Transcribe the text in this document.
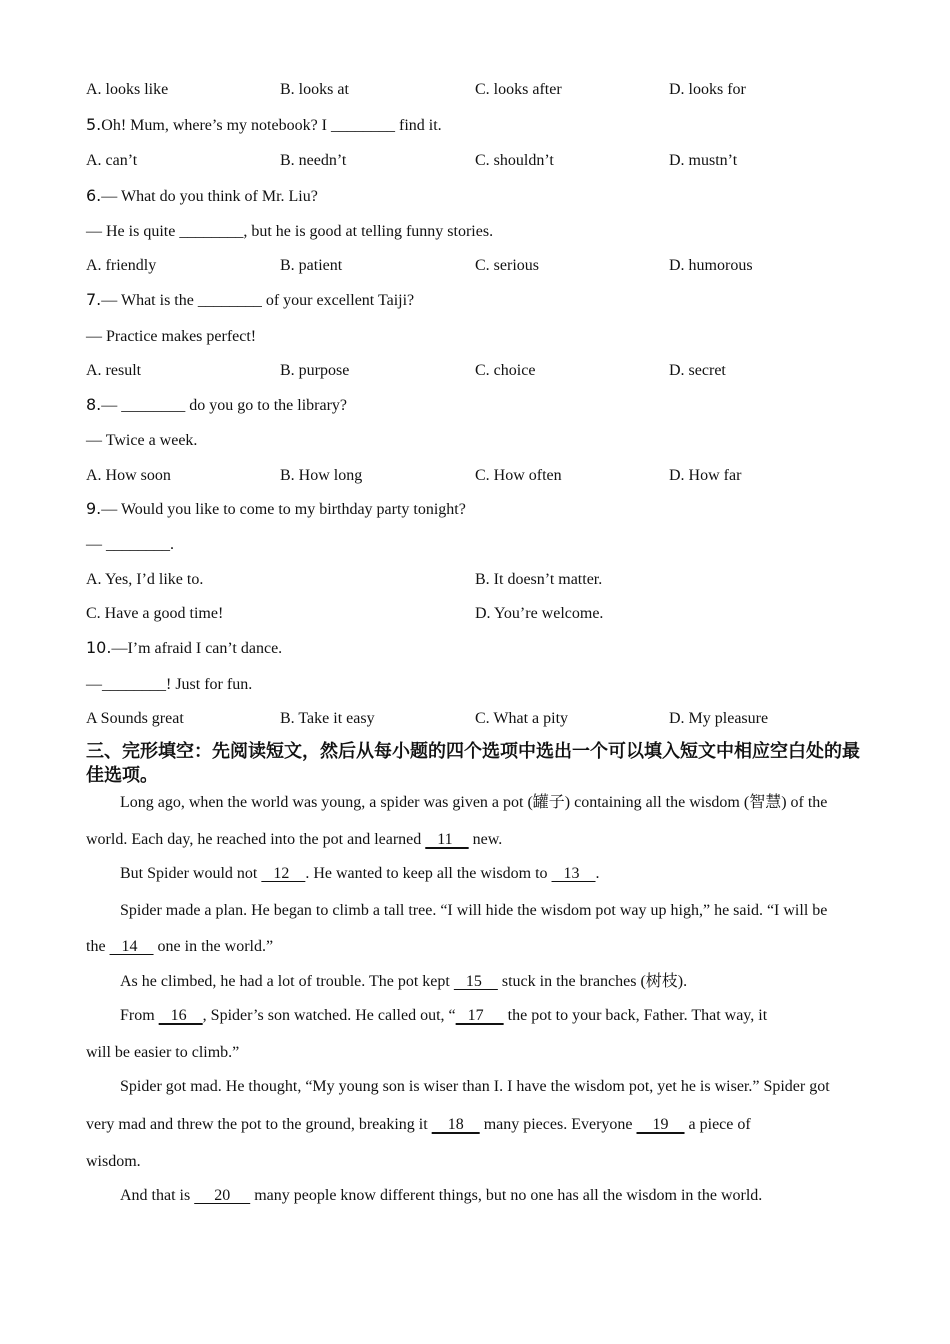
A. looks like	B. looks at	C. looks after	D. looks for
5.Oh! Mum, where’s my notebook? I ________ find it.
A. can’t	B. needn’t	C. shouldn’t	D. mustn’t
6.— What do you think of Mr. Liu?
— He is quite ________, but he is good at telling funny stories.
A. friendly	B. patient	C. serious	D. humorous
7.— What is the ________ of your excellent Taiji?
— Practice makes perfect!
A. result	B. purpose	C. choice	D. secret
8.— ________ do you go to the library?
— Twice a week.
A. How soon	B. How long	C. How often	D. How far
9.— Would you like to come to my birthday party tonight?
— ________.
A. Yes, I’d like to.	B. It doesn’t matter.
C. Have a good time!	D. You’re welcome.
10.—I’m afraid I can’t dance.
—________! Just for fun.
A Sounds great	B. Take it easy	C. What a pity	D. My pleasure
三、完形填空：先阅读短文，然后从每小题的四个选项中选出一个可以填入短文中相应空白处的最佳选项。
Long ago, when the world was young, a spider was given a pot (罐子) containing all the wisdom (智慧) of the
world. Each day, he reached into the pot and learned    11     new.
But Spider would not    12    . He wanted to keep all the wisdom to    13    .
Spider made a plan. He began to climb a tall tree. “I will hide the wisdom pot way up high,” he said. “I will be
the    14     one in the world.”
As he climbed, he had a lot of trouble. The pot kept    15     stuck in the branches (树枝).
From    16    , Spider’s son watched. He called out, “   17      the pot to your back, Father. That way, it
will be easier to climb.”
Spider got mad. He thought, “My young son is wiser than I. I have the wisdom pot, yet he is wiser.” Spider got
very mad and threw the pot to the ground, breaking it     18     many pieces. Everyone     19     a piece of
wisdom.
And that is      20      many people know different things, but no one has all the wisdom in the world.
